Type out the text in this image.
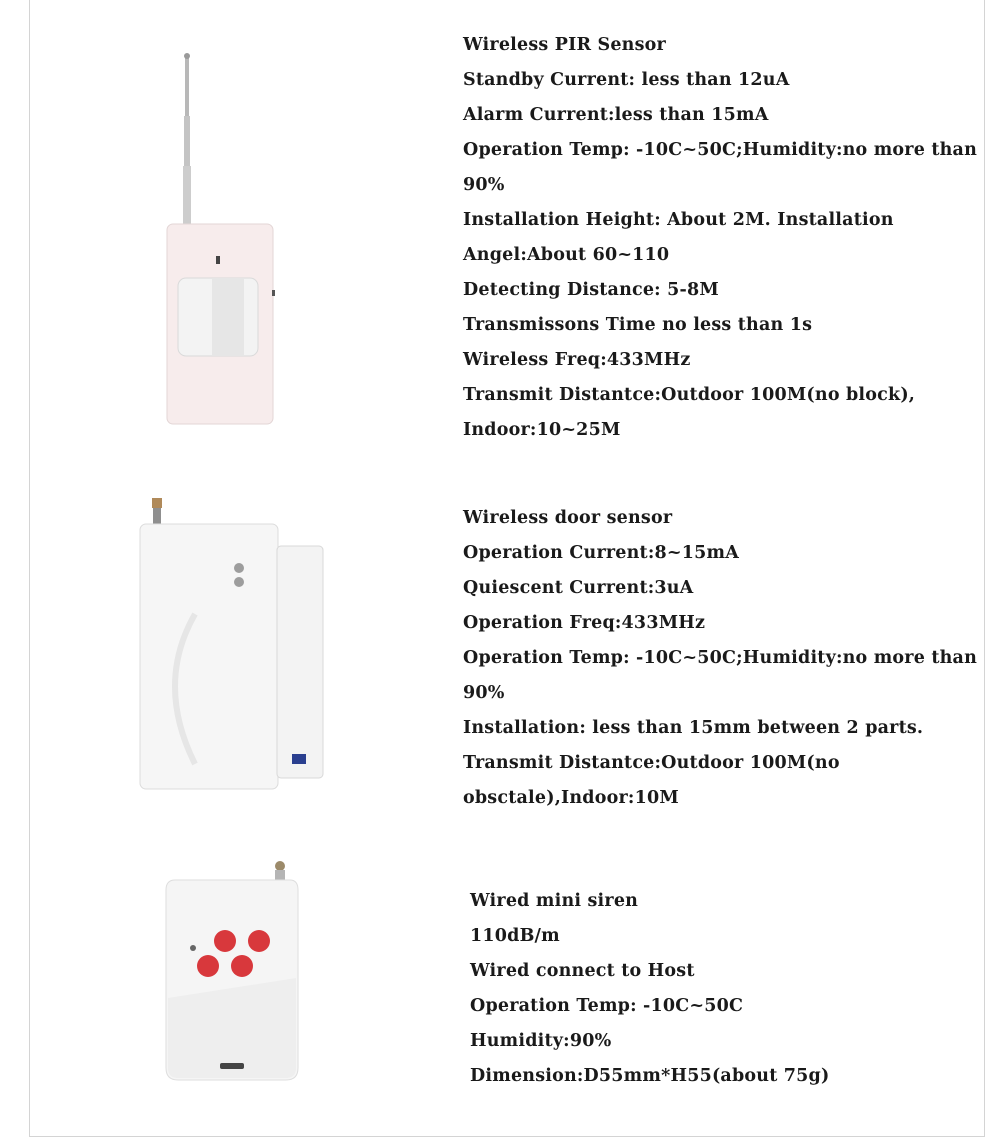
Wireless PIR Sensor
Standby Current: less than 12uA
Alarm Current:less than 15mA
Operation Temp: -10C~50C;Humidity:no more than
90%
Installation Height: About 2M. Installation
Angel:About 60~110
Detecting Distance: 5-8M
Transmissons Time no less than 1s
Wireless Freq:433MHz
Transmit Distantce:Outdoor 100M(no block),
Indoor:10~25M
Wireless door sensor
Operation Current:8~15mA
Quiescent Current:3uA
Operation Freq:433MHz
Operation Temp: -10C~50C;Humidity:no more than
90%
Installation: less than 15mm between 2 parts.
Transmit Distantce:Outdoor 100M(no
obsctale),Indoor:10M
Wired mini siren
110dB/m
Wired connect to Host
Operation Temp: -10C~50C
Humidity:90%
Dimension:D55mm*H55(about 75g)
